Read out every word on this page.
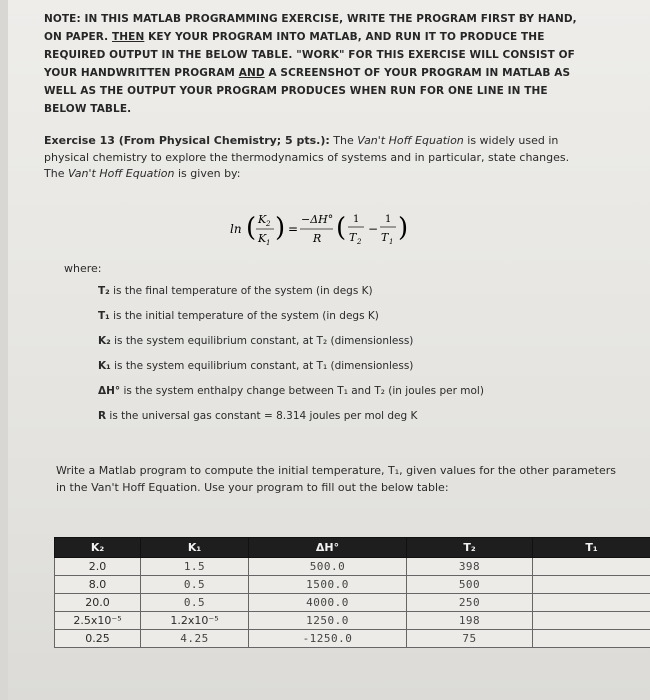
NOTE: IN THIS MATLAB PROGRAMMING EXERCISE, WRITE THE PROGRAM FIRST BY HAND, ON PAPER. THEN KEY YOUR PROGRAM INTO MATLAB, AND RUN IT TO PRODUCE THE REQUIRED OUTPUT IN THE BELOW TABLE. "WORK" FOR THIS EXERCISE WILL CONSIST OF YOUR HANDWRITTEN PROGRAM AND A SCREENSHOT OF YOUR PROGRAM IN MATLAB AS WELL AS THE OUTPUT YOUR PROGRAM PRODUCES WHEN RUN FOR ONE LINE IN THE BELOW TABLE.
Exercise 13 (From Physical Chemistry; 5 pts.): The Van't Hoff Equation is widely used in physical chemistry to explore the thermodynamics of systems and in particular, state changes. The Van't Hoff Equation is given by:
ln ( K 2
K 1 ) =
−ΔH°
R ( 1
T 2
−
1
T 1 )
where:
T₂ is the final temperature of the system (in degs K)
T₁ is the initial temperature of the system (in degs K)
K₂ is the system equilibrium constant, at T₂ (dimensionless)
K₁ is the system equilibrium constant, at T₁ (dimensionless)
ΔH° is the system enthalpy change between T₁ and T₂ (in joules per mol)
R is the universal gas constant = 8.314 joules per mol deg K
Write a Matlab program to compute the initial temperature, T₁, given values for the other parameters in the Van't Hoff Equation. Use your program to fill out the below table:
K₂	K₁	ΔH°	T₂	T₁
2.0	1.5	500.0	398	
8.0	0.5	1500.0	500	
20.0	0.5	4000.0	250	
2.5x10⁻⁵	1.2x10⁻⁵	1250.0	198	
0.25	4.25	-1250.0	75	
